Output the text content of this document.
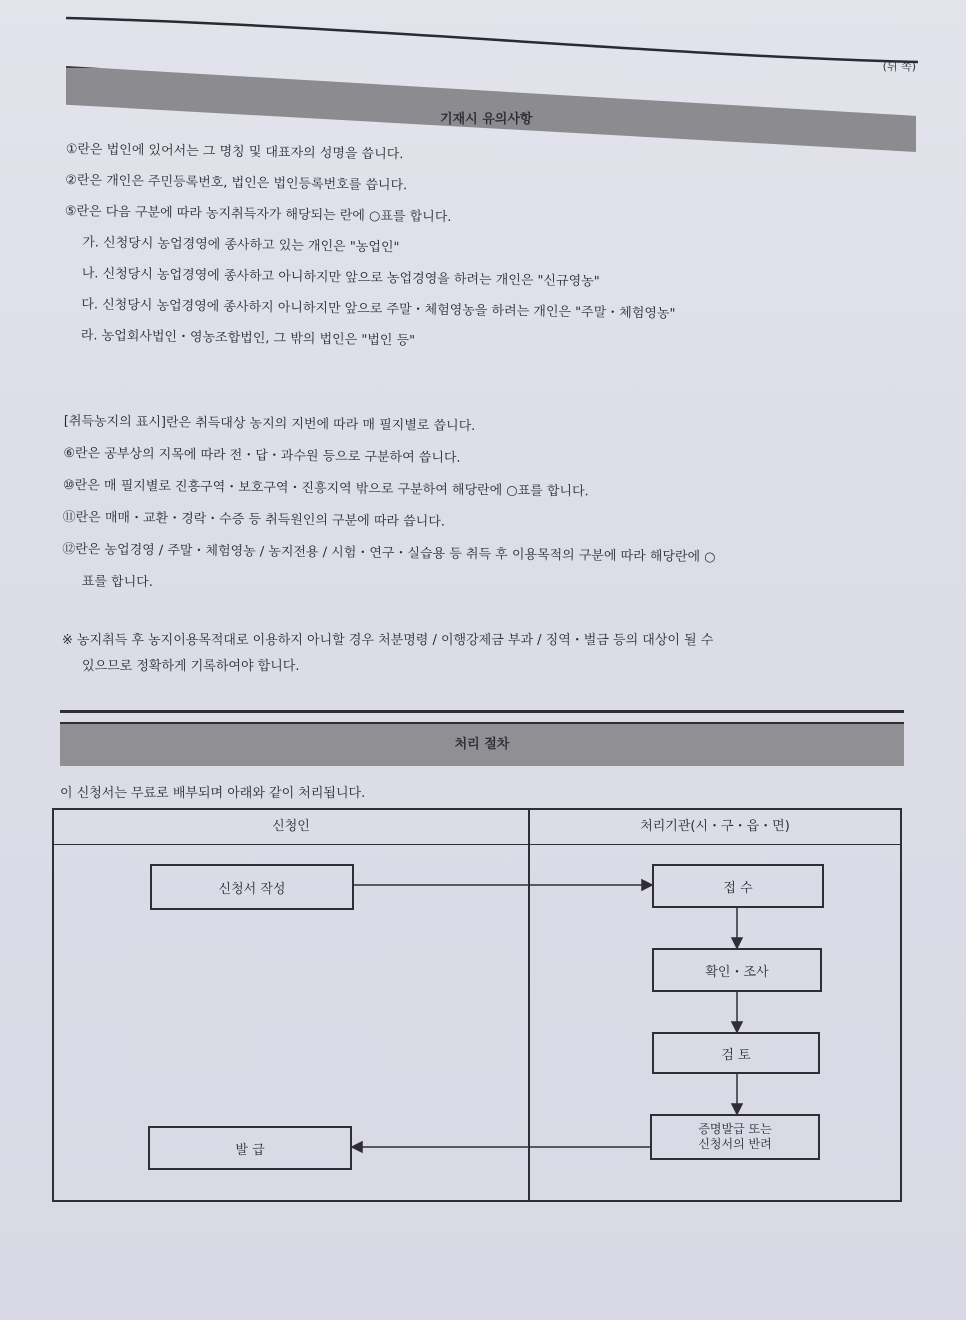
(뒤 쪽)
기재시 유의사항
①란은 법인에 있어서는 그 명칭 및 대표자의 성명을 씁니다.
②란은 개인은 주민등록번호, 법인은 법인등록번호를 씁니다.
⑤란은 다음 구분에 따라 농지취득자가 해당되는 란에 ○표를 합니다.
가. 신청당시 농업경영에 종사하고 있는 개인은 "농업인"
나. 신청당시 농업경영에 종사하고 아니하지만 앞으로 농업경영을 하려는 개인은 "신규영농"
다. 신청당시 농업경영에 종사하지 아니하지만 앞으로 주말・체험영농을 하려는 개인은 "주말・체험영농"
라. 농업회사법인・영농조합법인, 그 밖의 법인은 "법인 등"
[취득농지의 표시]란은 취득대상 농지의 지번에 따라 매 필지별로 씁니다.
⑥란은 공부상의 지목에 따라 전・답・과수원 등으로 구분하여 씁니다.
⑩란은 매 필지별로 진흥구역・보호구역・진흥지역 밖으로 구분하여 해당란에 ○표를 합니다.
⑪란은 매매・교환・경락・수증 등 취득원인의 구분에 따라 씁니다.
⑫란은 농업경영 / 주말・체험영농 / 농지전용 / 시험・연구・실습용 등 취득 후 이용목적의 구분에 따라 해당란에 ○
표를 합니다.
※ 농지취득 후 농지이용목적대로 이용하지 아니할 경우 처분명령 / 이행강제금 부과 / 징역・벌금 등의 대상이 될 수
있으므로 정확하게 기록하여야 합니다.
처리 절차
이 신청서는 무료로 배부되며 아래와 같이 처리됩니다.
신청인	처리기관(시・구・읍・면)
신청서 작성	접 수
확인・조사
검 토
증명발급 또는
신청서의 반려
발 급
